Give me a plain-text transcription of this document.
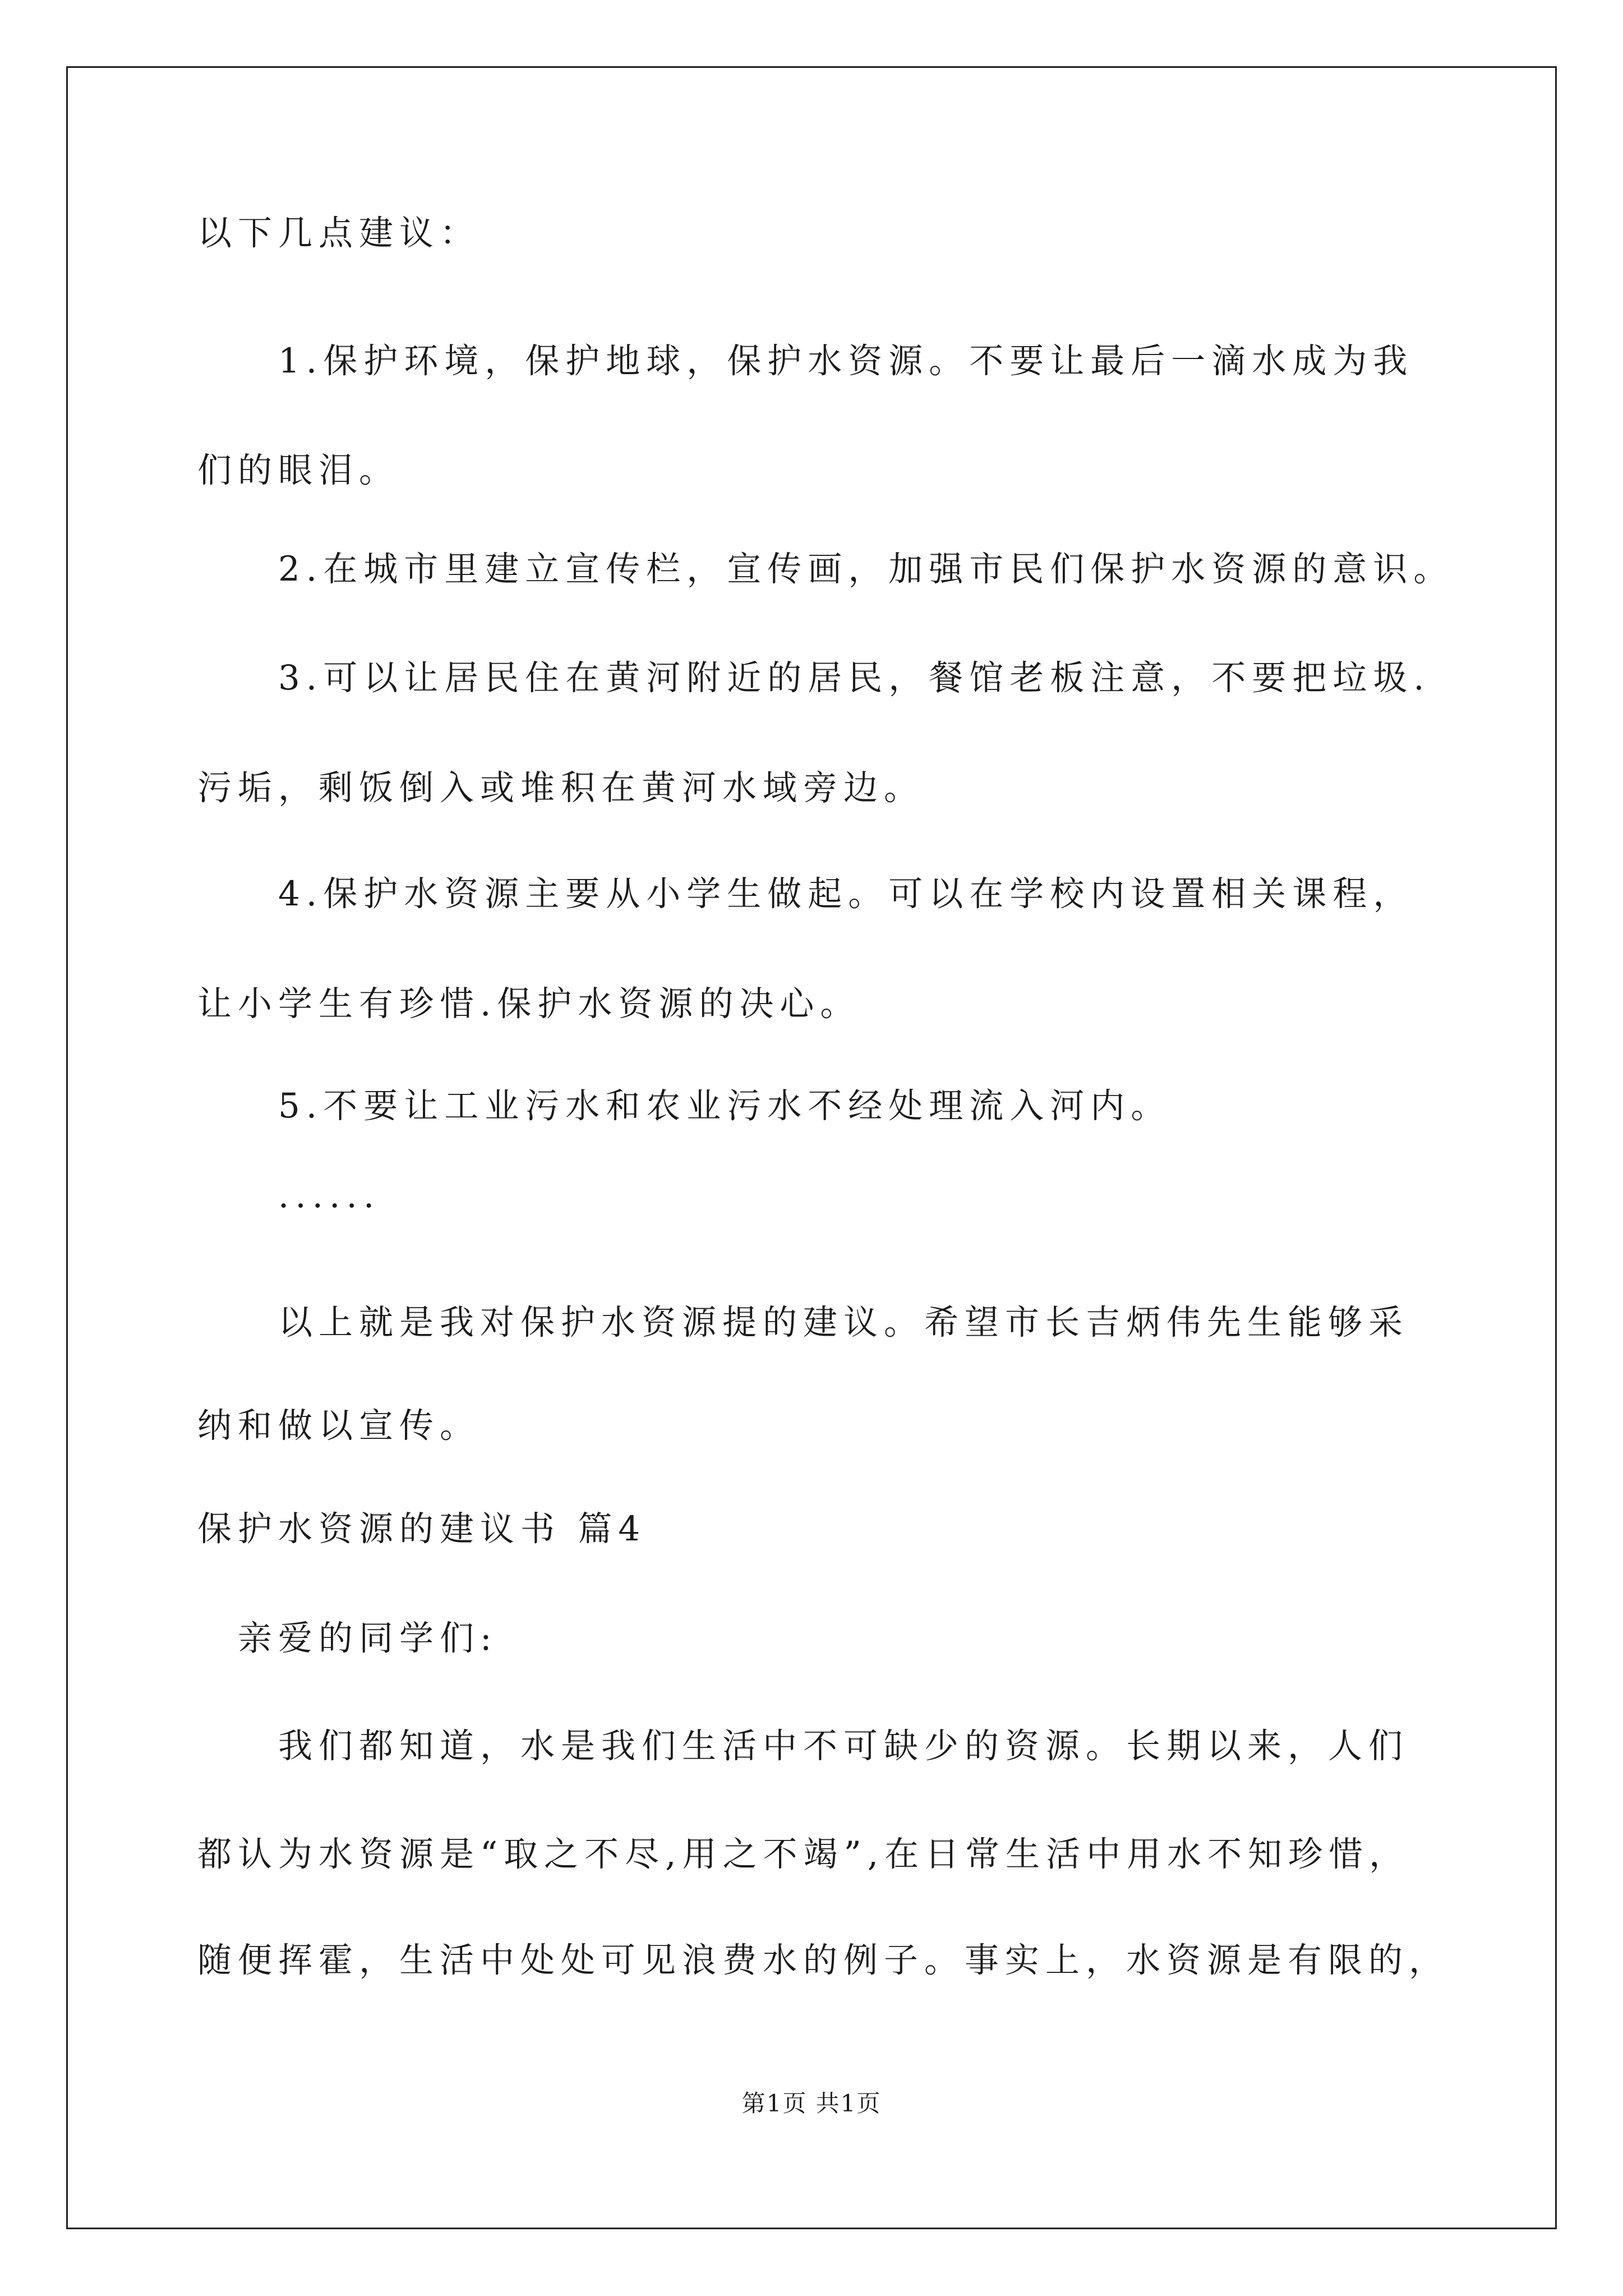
以下几点建议：
1.保护环境，保护地球，保护水资源。不要让最后一滴水成为我
们的眼泪。
2.在城市里建立宣传栏，宣传画，加强市民们保护水资源的意识。
3.可以让居民住在黄河附近的居民，餐馆老板注意，不要把垃圾.
污垢，剩饭倒入或堆积在黄河水域旁边。
4.保护水资源主要从小学生做起。可以在学校内设置相关课程，
让小学生有珍惜.保护水资源的决心。
5.不要让工业污水和农业污水不经处理流入河内。
······
以上就是我对保护水资源提的建议。希望市长吉炳伟先生能够采
纳和做以宣传。
保护水资源的建议书 篇4
亲爱的同学们:
我们都知道，水是我们生活中不可缺少的资源。长期以来，人们
都认为水资源是“取之不尽,用之不竭”,在日常生活中用水不知珍惜，
随便挥霍，生活中处处可见浪费水的例子。事实上，水资源是有限的，
第1页 共1页
